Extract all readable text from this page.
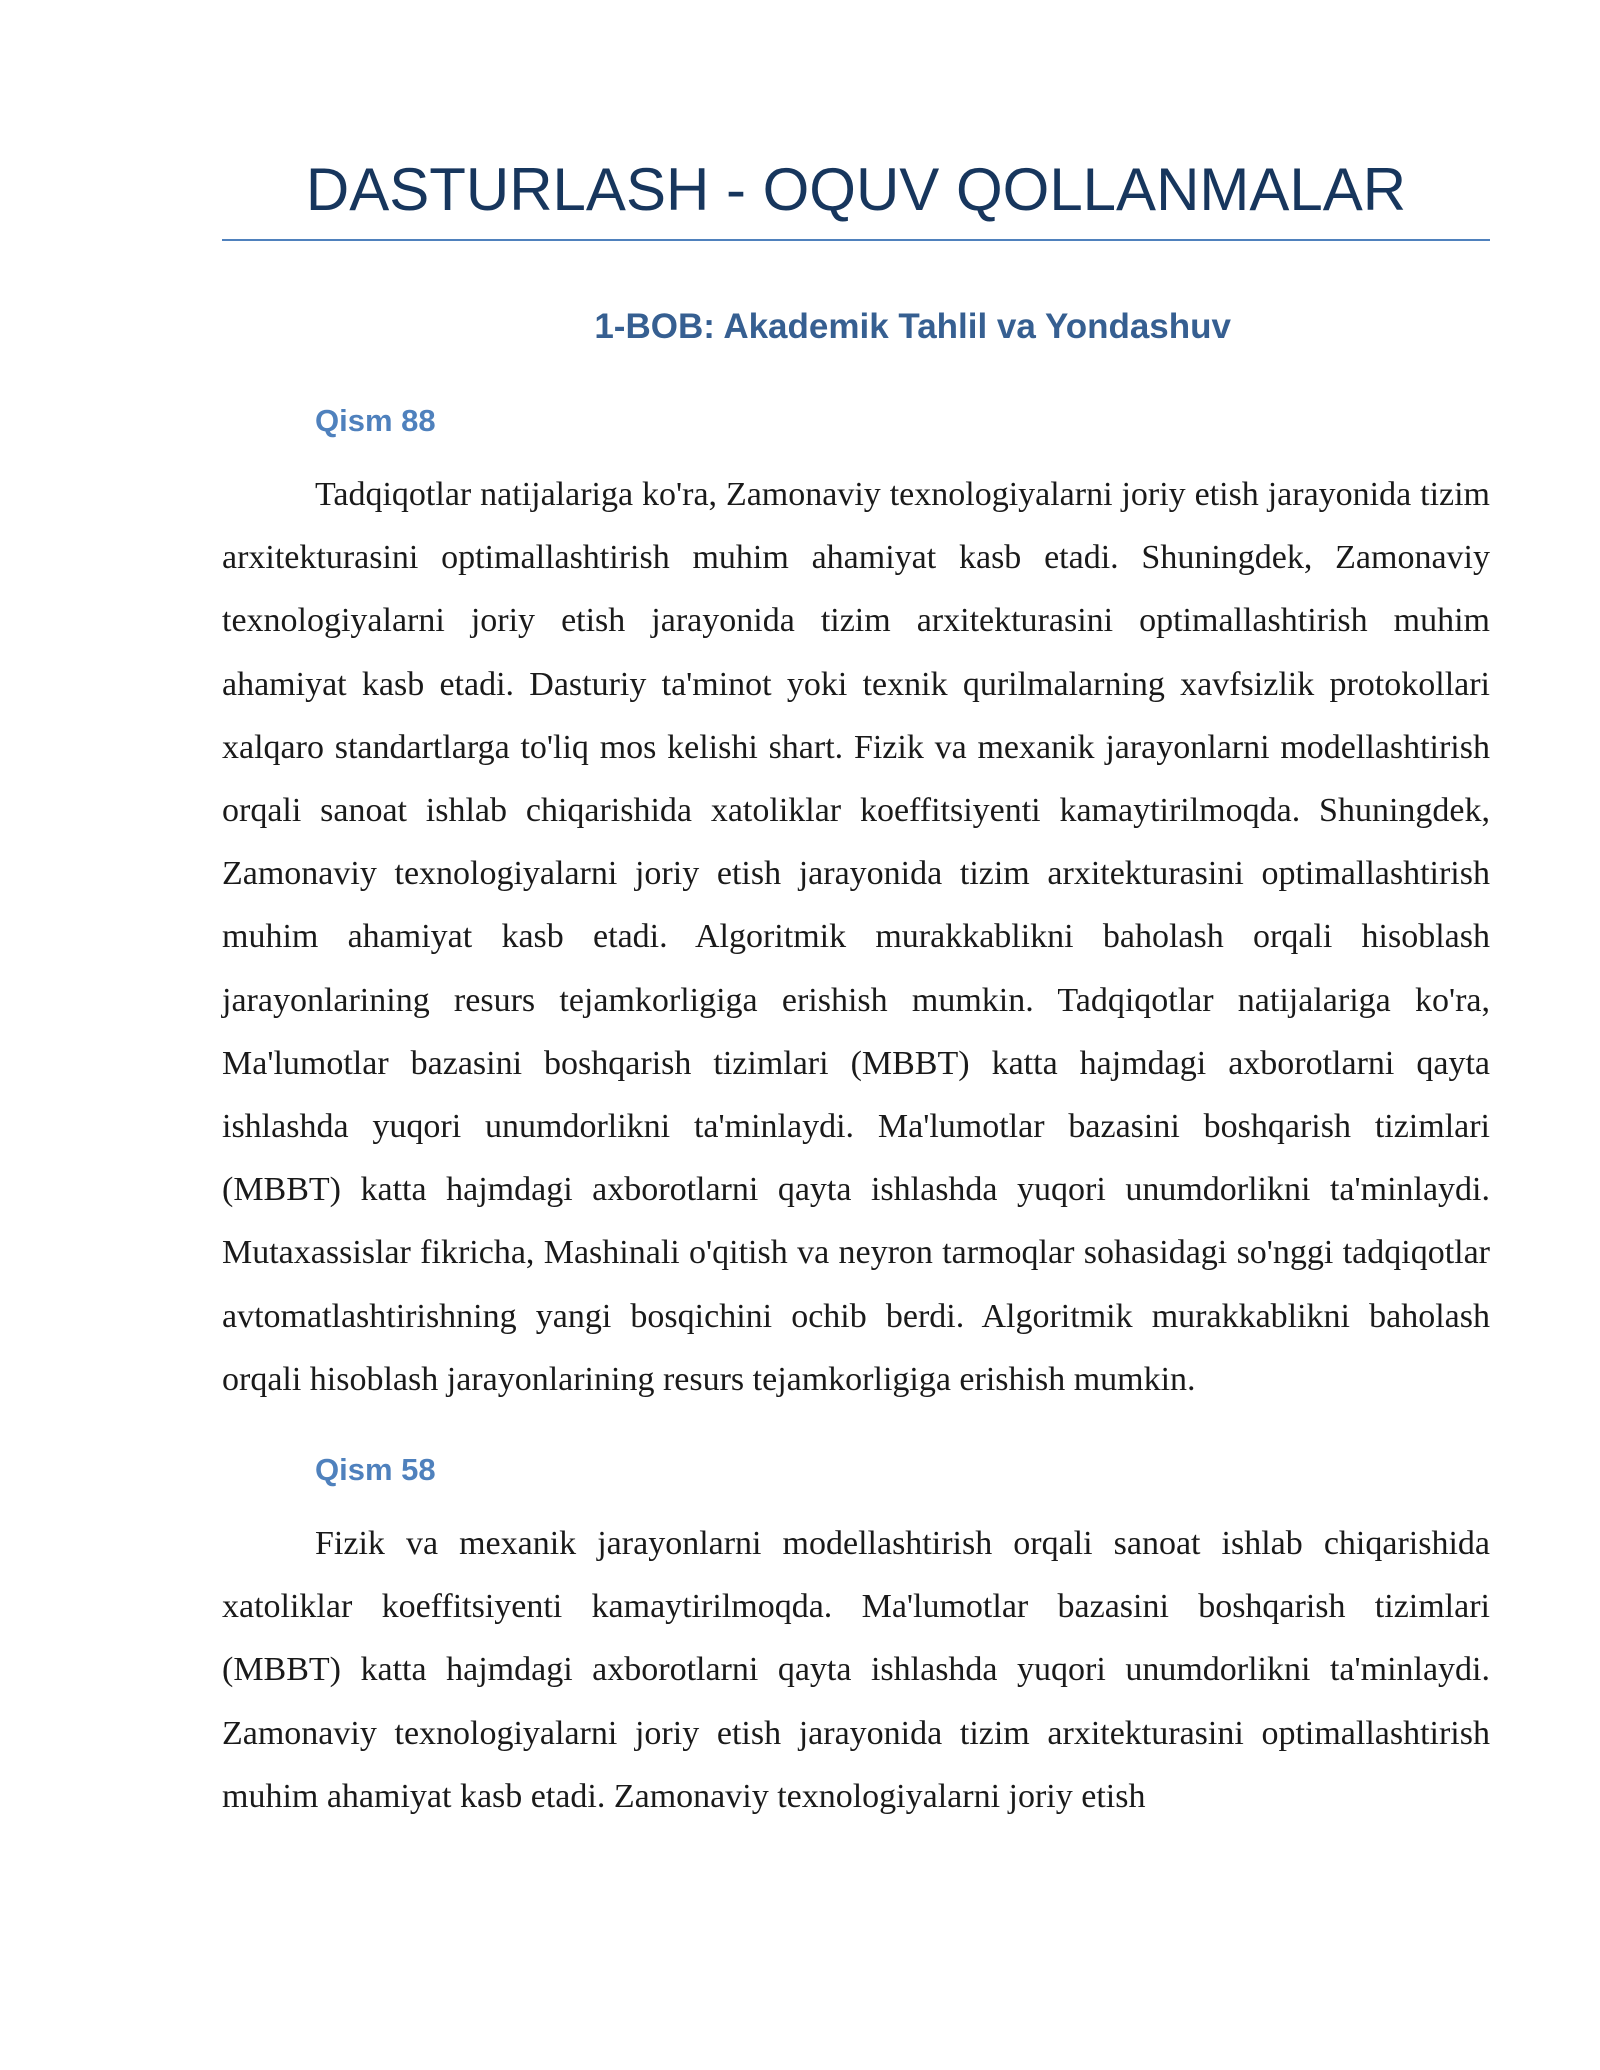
DASTURLASH - OQUV QOLLANMALAR
1-BOB: Akademik Tahlil va Yondashuv
Qism 88

Tadqiqotlar natijalariga ko'ra, Zamonaviy texnologiyalarni joriy etish jarayonida tizim arxitekturasini optimallashtirish muhim ahamiyat kasb etadi. Shuningdek, Zamonaviy texnologiyalarni joriy etish jarayonida tizim arxitekturasini optimallashtirish muhim ahamiyat kasb etadi. Dasturiy ta'minot yoki texnik qurilmalarning xavfsizlik protokollari xalqaro standartlarga to'liq mos kelishi shart. Fizik va mexanik jarayonlarni modellashtirish orqali sanoat ishlab chiqarishida xatoliklar koeffitsiyenti kamaytirilmoqda. Shuningdek, Zamonaviy texnologiyalarni joriy etish jarayonida tizim arxitekturasini optimallashtirish muhim ahamiyat kasb etadi. Algoritmik murakkablikni baholash orqali hisoblash jarayonlarining resurs tejamkorligiga erishish mumkin. Tadqiqotlar natijalariga ko'ra, Ma'lumotlar bazasini boshqarish tizimlari (MBBT) katta hajmdagi axborotlarni qayta ishlashda yuqori unumdorlikni ta'minlaydi. Ma'lumotlar bazasini boshqarish tizimlari (MBBT) katta hajmdagi axborotlarni qayta ishlashda yuqori unumdorlikni ta'minlaydi. Mutaxassislar fikricha, Mashinali o'qitish va neyron tarmoqlar sohasidagi so'nggi tadqiqotlar avtomatlashtirishning yangi bosqichini ochib berdi. Algoritmik murakkablikni baholash orqali hisoblash jarayonlarining resurs tejamkorligiga erishish mumkin.

Qism 58

Fizik va mexanik jarayonlarni modellashtirish orqali sanoat ishlab chiqarishida xatoliklar koeffitsiyenti kamaytirilmoqda. Ma'lumotlar bazasini boshqarish tizimlari (MBBT) katta hajmdagi axborotlarni qayta ishlashda yuqori unumdorlikni ta'minlaydi. Zamonaviy texnologiyalarni joriy etish jarayonida tizim arxitekturasini optimallashtirish muhim ahamiyat kasb etadi. Zamonaviy texnologiyalarni joriy etish
